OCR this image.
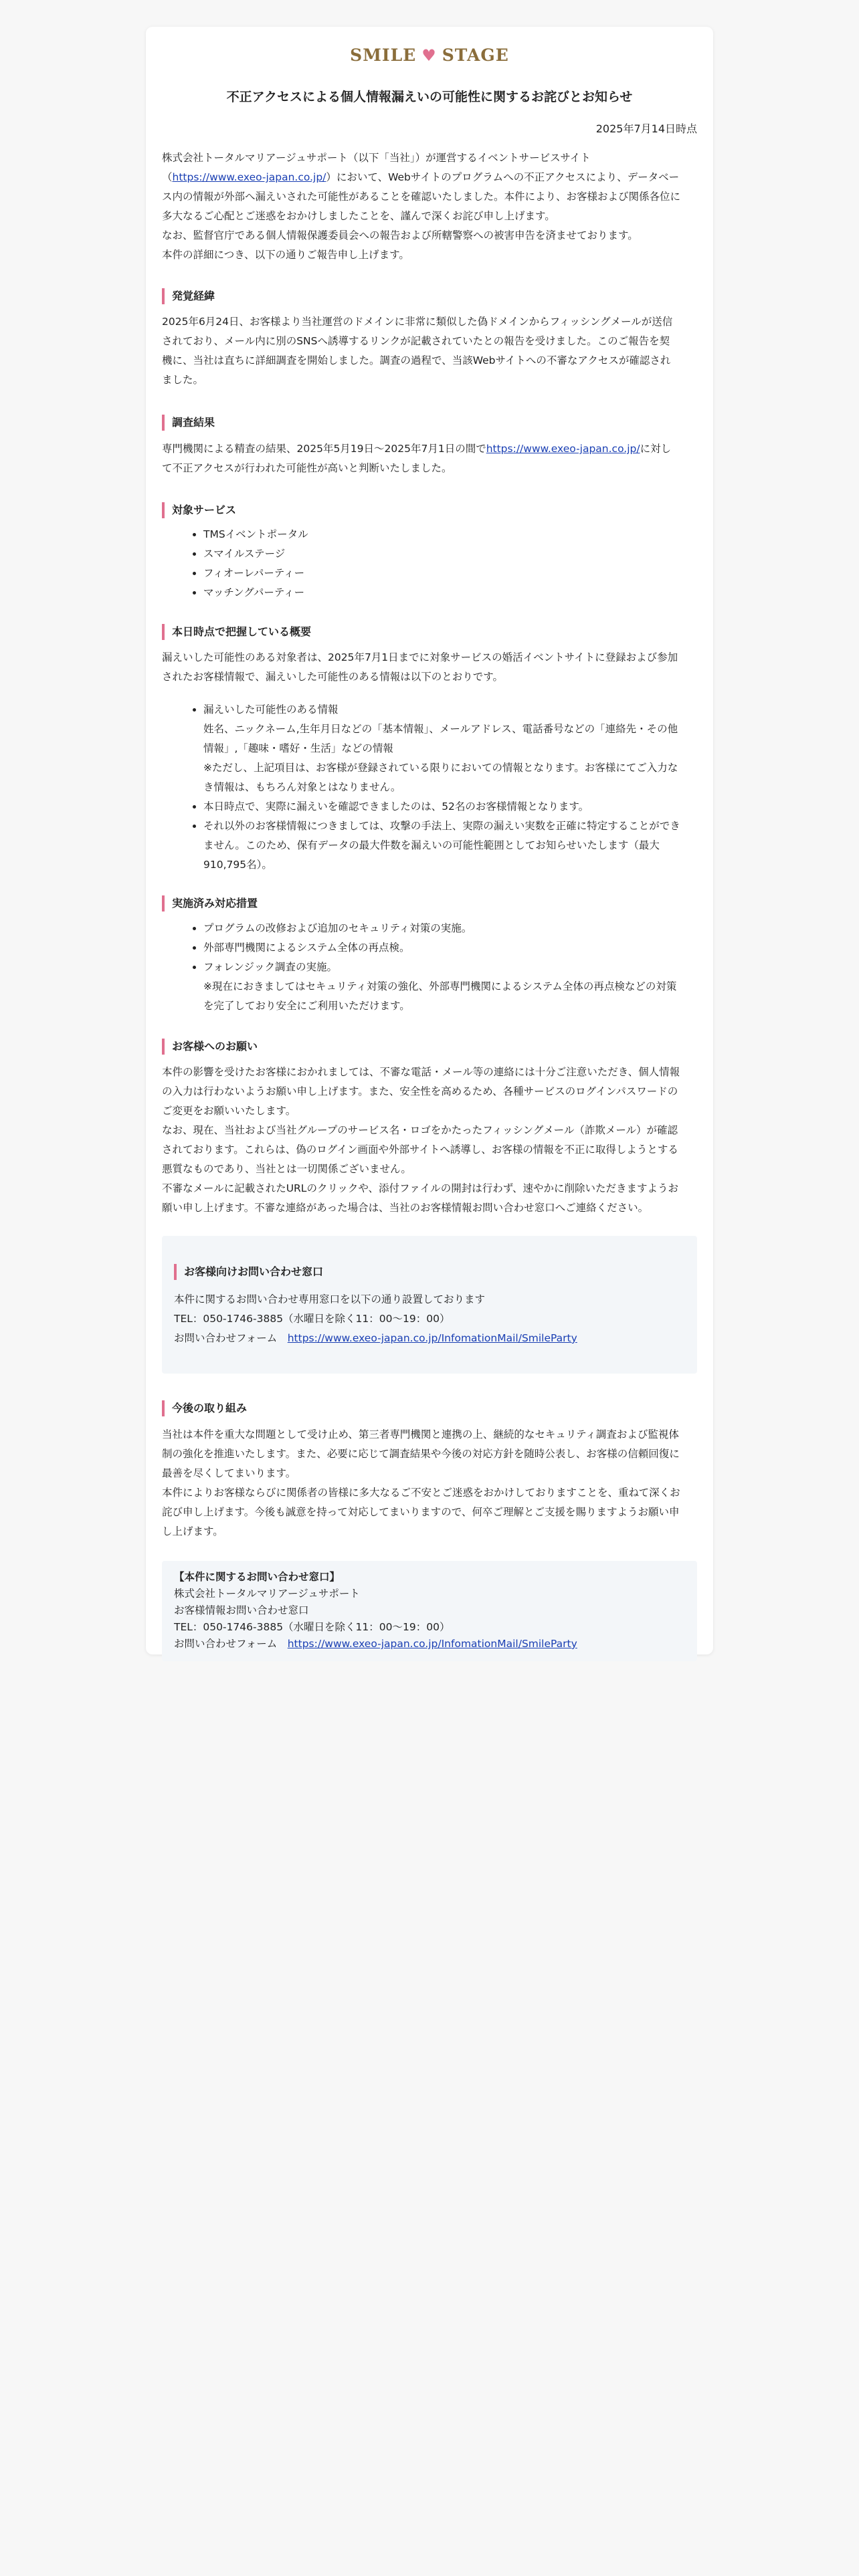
SMILE ♥ STAGE
不正アクセスによる個人情報漏えいの可能性に関するお詫びとお知らせ
2025年7月14日時点

株式会社トータルマリアージュサポート（以下「当社」）が運営するイベントサービスサイト

（https://www.exeo-japan.co.jp/）において、Webサイトのプログラムへの不正アクセスにより、データベー

ス内の情報が外部へ漏えいされた可能性があることを確認いたしました。本件により、お客様および関係各位に

多大なるご心配とご迷惑をおかけしましたことを、謹んで深くお詫び申し上げます。

なお、監督官庁である個人情報保護委員会への報告および所轄警察への被害申告を済ませております。

本件の詳細につき、以下の通りご報告申し上げます。

発覚経緯

2025年6月24日、お客様より当社運営のドメインに非常に類似した偽ドメインからフィッシングメールが送信

されており、メール内に別のSNSへ誘導するリンクが記載されていたとの報告を受けました。このご報告を契

機に、当社は直ちに詳細調査を開始しました。調査の過程で、当該Webサイトへの不審なアクセスが確認され

ました。

調査結果

専門機関による精査の結果、2025年5月19日〜2025年7月1日の間でhttps://www.exeo-japan.co.jp/に対し

て不正アクセスが行われた可能性が高いと判断いたしました。

対象サービス
• TMSイベントポータル
• スマイルステージ
• フィオーレパーティー
• マッチングパーティー
本日時点で把握している概要

漏えいした可能性のある対象者は、2025年7月1日までに対象サービスの婚活イベントサイトに登録および参加

されたお客様情報で、漏えいした可能性のある情報は以下のとおりです。

• 漏えいした可能性のある情報
姓名、ニックネーム,生年月日などの「基本情報」、メールアドレス、電話番号などの「連絡先・その他
情報」,「趣味・嗜好・生活」などの情報
※ただし、上記項目は、お客様が登録されている限りにおいての情報となります。お客様にてご入力な
き情報は、もちろん対象とはなりません。
• 本日時点で、実際に漏えいを確認できましたのは、52名のお客様情報となります。
• それ以外のお客様情報につきましては、攻撃の手法上、実際の漏えい実数を正確に特定することができ
ません。このため、保有データの最大件数を漏えいの可能性範囲としてお知らせいたします（最大
910,795名）。
実施済み対応措置
• プログラムの改修および追加のセキュリティ対策の実施。
• 外部専門機関によるシステム全体の再点検。
• フォレンジック調査の実施。
※現在におきましてはセキュリティ対策の強化、外部専門機関によるシステム全体の再点検などの対策
を完了しており安全にご利用いただけます。
お客様へのお願い

本件の影響を受けたお客様におかれましては、不審な電話・メール等の連絡には十分ご注意いただき、個人情報

の入力は行わないようお願い申し上げます。また、安全性を高めるため、各種サービスのログインパスワードの

ご変更をお願いいたします。

なお、現在、当社および当社グループのサービス名・ロゴをかたったフィッシングメール（詐欺メール）が確認

されております。これらは、偽のログイン画面や外部サイトへ誘導し、お客様の情報を不正に取得しようとする

悪質なものであり、当社とは一切関係ございません。

不審なメールに記載されたURLのクリックや、添付ファイルの開封は行わず、速やかに削除いただきますようお

願い申し上げます。不審な連絡があった場合は、当社のお客様情報お問い合わせ窓口へご連絡ください。

お客様向けお問い合わせ窓口

本件に関するお問い合わせ専用窓口を以下の通り設置しております

TEL：050-1746-3885（水曜日を除く11：00〜19：00）

お問い合わせフォーム　https://www.exeo-japan.co.jp/InfomationMail/SmileParty

今後の取り組み

当社は本件を重大な問題として受け止め、第三者専門機関と連携の上、継続的なセキュリティ調査および監視体

制の強化を推進いたします。また、必要に応じて調査結果や今後の対応方針を随時公表し、お客様の信頼回復に

最善を尽くしてまいります。

本件によりお客様ならびに関係者の皆様に多大なるご不安とご迷惑をおかけしておりますことを、重ねて深くお

詫び申し上げます。今後も誠意を持って対応してまいりますので、何卒ご理解とご支援を賜りますようお願い申

し上げます。

【本件に関するお問い合わせ窓口】

株式会社トータルマリアージュサポート

お客様情報お問い合わせ窓口

TEL：050-1746-3885（水曜日を除く11：00〜19：00）

お問い合わせフォーム　https://www.exeo-japan.co.jp/InfomationMail/SmileParty
